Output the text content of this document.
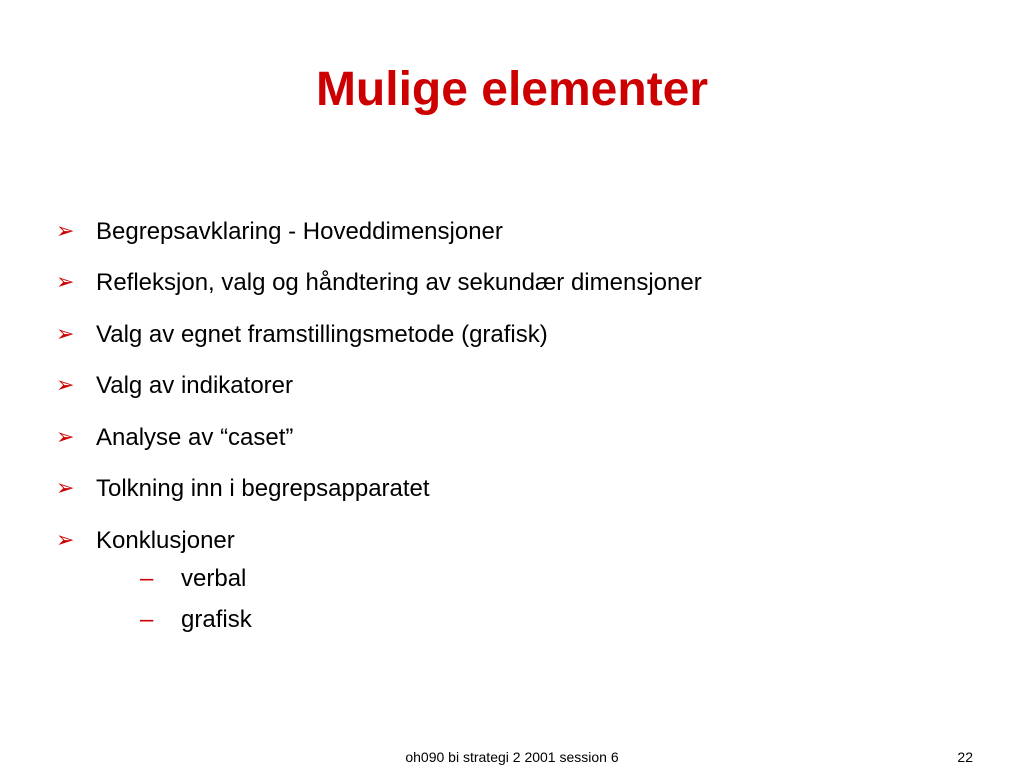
Mulige elementer
➢ Begrepsavklaring - Hoveddimensjoner
➢ Refleksjon, valg og håndtering av sekundær dimensjoner
➢ Valg av egnet framstillingsmetode (grafisk)
➢ Valg av indikatorer
➢ Analyse av “caset”
➢ Tolkning inn i begrepsapparatet
➢ Konklusjoner
–	verbal
–	grafisk
oh090 bi strategi 2 2001 session 6	22
